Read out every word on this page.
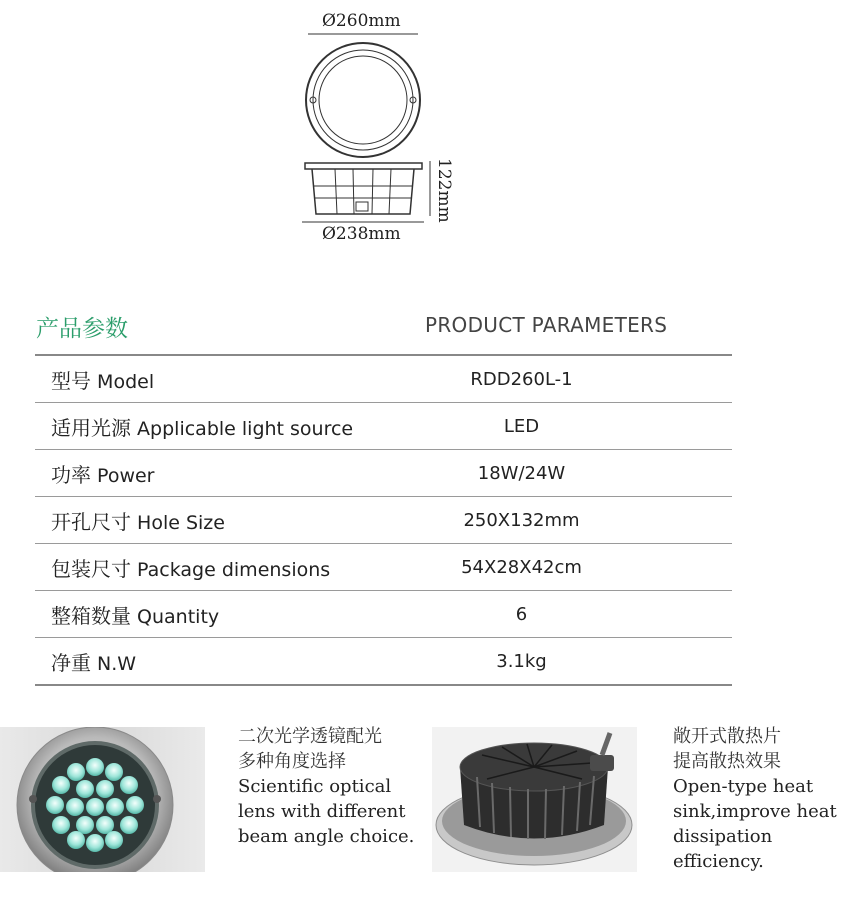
Ø260mm
Ø238mm
122mm
产品参数	PRODUCT PARAMETERS
型号 Model	RDD260L-1
适用光源 Applicable light source	LED
功率 Power	18W/24W
开孔尺寸 Hole Size	250X132mm
包装尺寸 Package dimensions	54X28X42cm
整箱数量 Quantity	6
净重 N.W	3.1kg
二次光学透镜配光
多种角度选择
Scientific optical
lens with different
beam angle choice.
敞开式散热片
提高散热效果
Open-type heat
sink,improve heat
dissipation
efficiency.
